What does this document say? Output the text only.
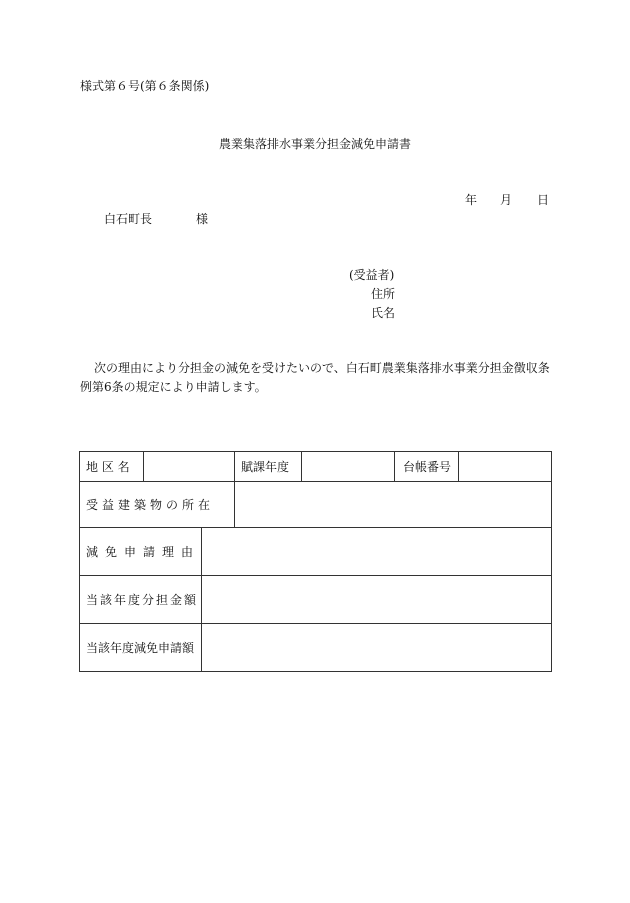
様式第６号(第６条関係)
農業集落排水事業分担金減免申請書
年 月 日
白石町長	様
(受益者)
住所
氏名
次の理由により分担金の減免を受けたいので、白石町農業集落排水事業分担金徴収条例第6条の規定により申請します。
地 区 名		賦課年度		台帳番号	
受益建築物の所在					
減免申請理由	
当該年度分担金額	
当該年度減免申請額	
